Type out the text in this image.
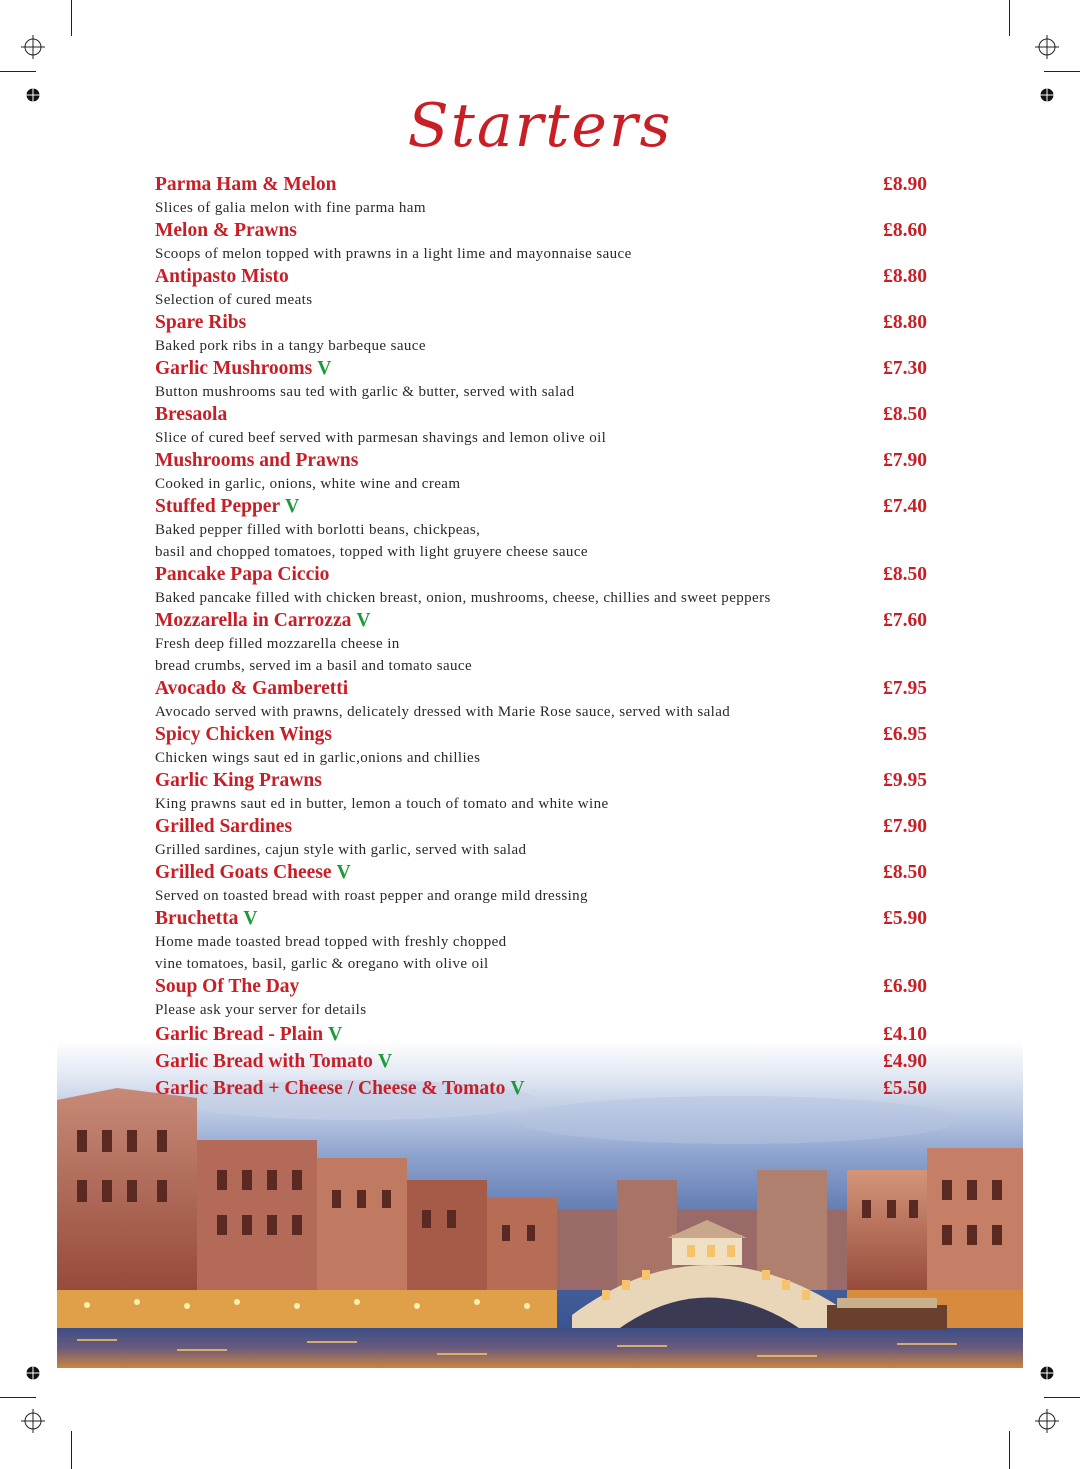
Starters
Parma Ham & Melon	£8.90
Slices of galia melon with fine parma ham
Melon & Prawns	£8.60
Scoops of melon topped with prawns in a light lime and mayonnaise sauce
Antipasto Misto	£8.80
Selection of cured meats
Spare Ribs	£8.80
Baked pork ribs in a tangy barbeque sauce
Garlic Mushrooms V	£7.30
Button mushrooms sau ted with garlic & butter, served with salad
Bresaola	£8.50
Slice of cured beef served with parmesan shavings and lemon olive oil
Mushrooms and Prawns	£7.90
Cooked in garlic, onions, white wine and cream
Stuffed Pepper V	£7.40
Baked pepper filled with borlotti beans, chickpeas,
basil and chopped tomatoes, topped with light gruyere cheese sauce
Pancake Papa Ciccio	£8.50
Baked pancake filled with chicken breast, onion, mushrooms, cheese, chillies and sweet peppers
Mozzarella in Carrozza V	£7.60
Fresh deep filled mozzarella cheese in
bread crumbs, served im a basil and tomato sauce
Avocado & Gamberetti	£7.95
Avocado served with prawns, delicately dressed with Marie Rose sauce, served with salad
Spicy Chicken Wings	£6.95
Chicken wings saut ed in garlic,onions and chillies
Garlic King Prawns	£9.95
King prawns saut ed in butter, lemon a touch of tomato and white wine
Grilled Sardines	£7.90
Grilled sardines, cajun style with garlic, served with salad
Grilled Goats Cheese V	£8.50
Served on toasted bread with roast pepper and orange mild dressing
Bruchetta V	£5.90
Home made toasted bread topped with freshly chopped
vine tomatoes, basil, garlic & oregano with olive oil
Soup Of The Day	£6.90
Please ask your server for details
Garlic Bread - Plain V	£4.10
Garlic Bread with Tomato V	£4.90
Garlic Bread + Cheese / Cheese & Tomato V	£5.50
